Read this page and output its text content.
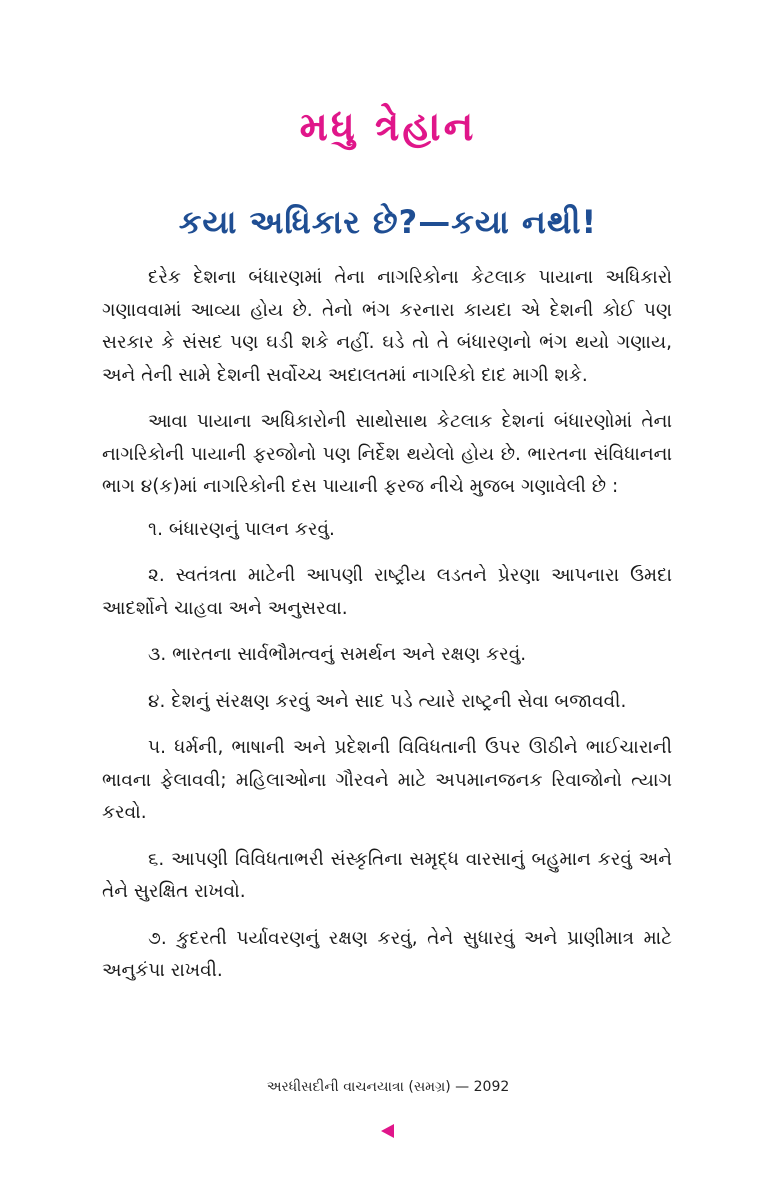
મધુ ત્રેહાન
કયા અધિકાર છે?—કયા નથી!

દરેક દેશના બંધારણમાં તેના નાગરિકોના કેટલાક પાયાના અધિકારો ગણાવવામાં આવ્યા હોય છે. તેનો ભંગ કરનારા કાયદા એ દેશની કોઈ પણ સરકાર કે સંસદ પણ ઘડી શકે નહીં. ઘડે તો તે બંધારણનો ભંગ થયો ગણાય, અને તેની સામે દેશની સર્વોચ્ચ અદાલતમાં નાગરિકો દાદ માગી શકે.

આવા પાયાના અધિકારોની સાથોસાથ કેટલાક દેશનાં બંધારણોમાં તેના નાગરિકોની પાયાની ફરજોનો પણ નિર્દેશ થયેલો હોય છે. ભારતના સંવિધાનના ભાગ ૪(ક)માં નાગરિકોની દસ પાયાની ફરજ નીચે મુજબ ગણાવેલી છે :

૧. બંધારણનું પાલન કરવું.

૨. સ્વતંત્રતા માટેની આપણી રાષ્ટ્રીય લડતને પ્રેરણા આપનારા ઉમદા આદર્શોને ચાહવા અને અનુસરવા.

૩. ભારતના સાર્વભૌમત્વનું સમર્થન અને રક્ષણ કરવું.

૪. દેશનું સંરક્ષણ કરવું અને સાદ પડે ત્યારે રાષ્ટ્રની સેવા બજાવવી.

૫. ધર્મની, ભાષાની અને પ્રદેશની વિવિધતાની ઉપર ઊઠીને ભાઈચારાની ભાવના ફેલાવવી; મહિલાઓના ગૌરવને માટે અપમાનજનક રિવાજોનો ત્યાગ કરવો.

૬. આપણી વિવિધતાભરી સંસ્કૃતિના સમૃદ્ધ વારસાનું બહુમાન કરવું અને તેને સુરક્ષિત રાખવો.

૭. કુદરતી પર્યાવરણનું રક્ષણ કરવું, તેને સુધારવું અને પ્રાણીમાત્ર માટે અનુકંપા રાખવી.

અરધીસદીની વાચનયાત્રા (સમગ્ર) — 2092
